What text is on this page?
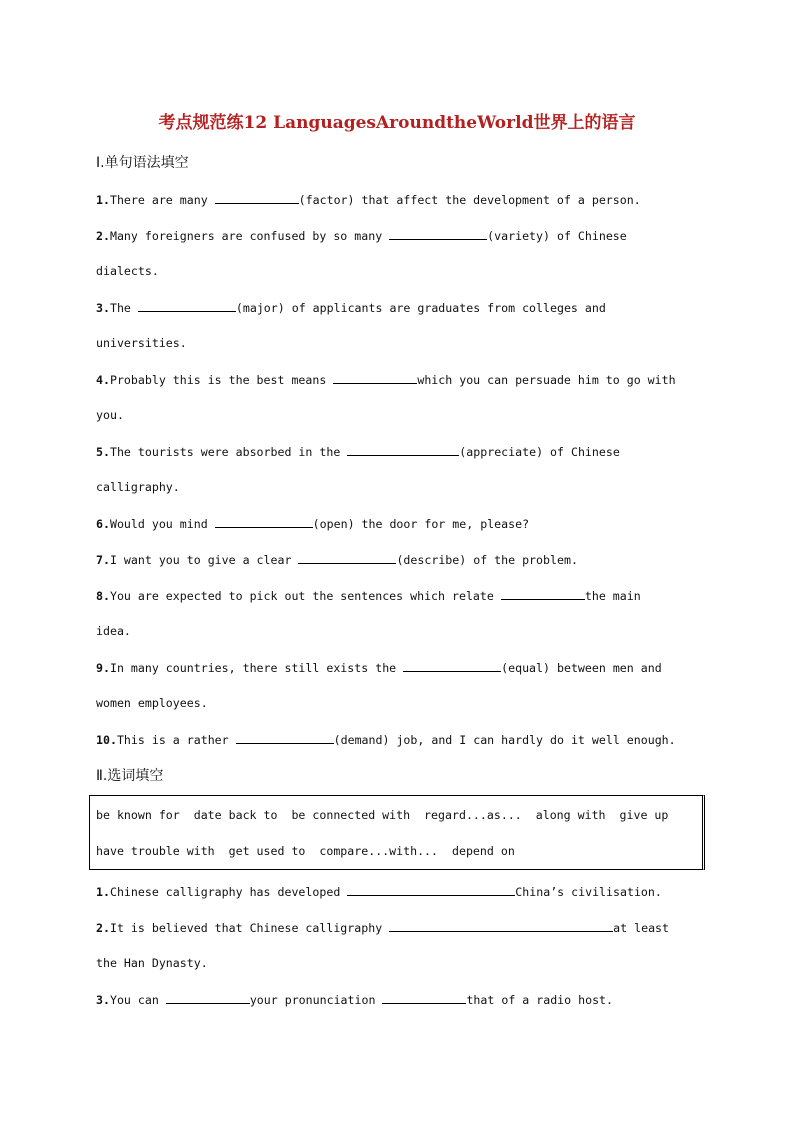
考点规范练12 LanguagesAroundtheWorld世界上的语言
Ⅰ.单句语法填空
1.There are many	(factor) that affect the development of a person.
2.Many foreigners are confused by so many	(variety) of Chinese
dialects.
3.The	(major) of applicants are graduates from colleges and
universities.
4.Probably this is the best means	which you can persuade him to go with
you.
5.The tourists were absorbed in the	(appreciate) of Chinese
calligraphy.
6.Would you mind	(open) the door for me, please?
7.I want you to give a clear	(describe) of the problem.
8.You are expected to pick out the sentences which relate	the main
idea.
9.In many countries, there still exists the	(equal) between men and
women employees.
10.This is a rather	(demand) job, and I can hardly do it well enough.
Ⅱ.选词填空
be known for  date back to  be connected with  regard...as...  along with  give up
have trouble with  get used to  compare...with...  depend on
1.Chinese calligraphy has developed	China’s civilisation.
2.It is believed that Chinese calligraphy	at least
the Han Dynasty.
3.You can	your pronunciation	that of a radio host.
